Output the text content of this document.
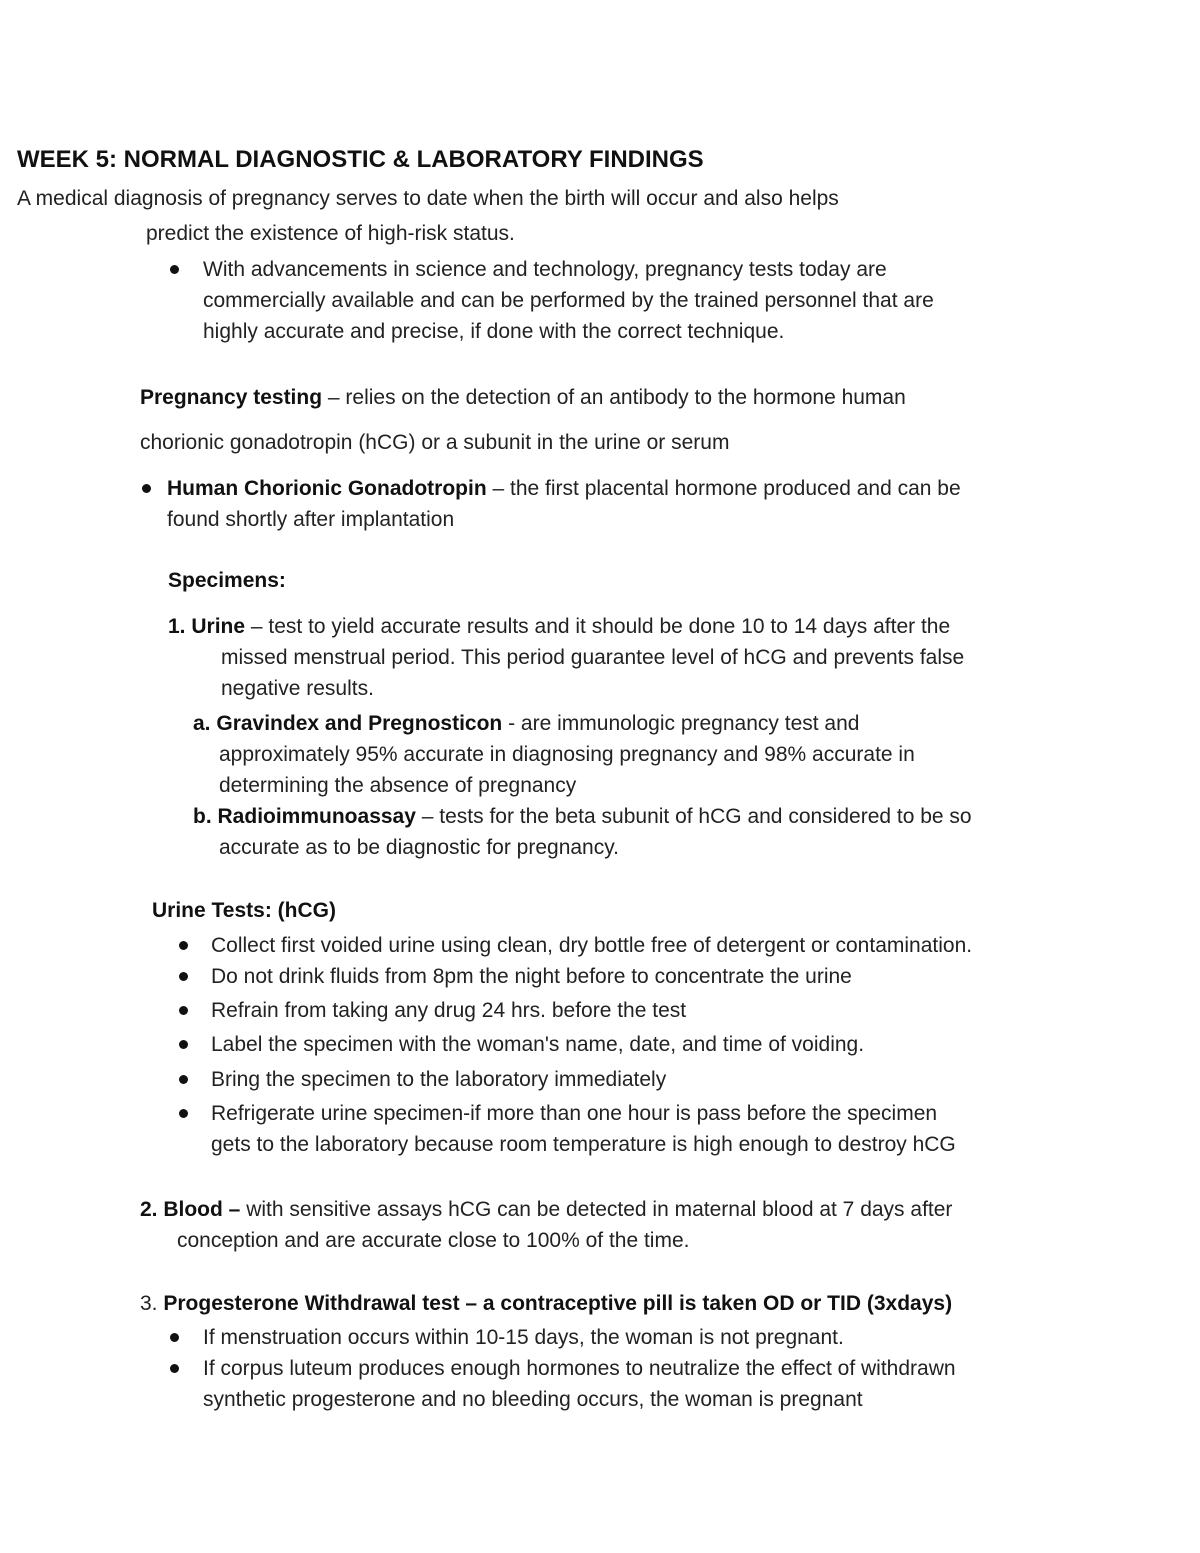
WEEK 5: NORMAL DIAGNOSTIC & LABORATORY FINDINGS
A medical diagnosis of pregnancy serves to date when the birth will occur and also helps
predict the existence of high-risk status.
With advancements in science and technology, pregnancy tests today are
commercially available and can be performed by the trained personnel that are
highly accurate and precise, if done with the correct technique.
Pregnancy testing – relies on the detection of an antibody to the hormone human
chorionic gonadotropin (hCG) or a subunit in the urine or serum
Human Chorionic Gonadotropin – the first placental hormone produced and can be
found shortly after implantation
Specimens:
1. Urine – test to yield accurate results and it should be done 10 to 14 days after the
missed menstrual period. This period guarantee level of hCG and prevents false
negative results.
a. Gravindex and Pregnosticon - are immunologic pregnancy test and
approximately 95% accurate in diagnosing pregnancy and 98% accurate in
determining the absence of pregnancy
b. Radioimmunoassay – tests for the beta subunit of hCG and considered to be so
accurate as to be diagnostic for pregnancy.
Urine Tests: (hCG)
Collect first voided urine using clean, dry bottle free of detergent or contamination.
Do not drink fluids from 8pm the night before to concentrate the urine
Refrain from taking any drug 24 hrs. before the test
Label the specimen with the woman's name, date, and time of voiding.
Bring the specimen to the laboratory immediately
Refrigerate urine specimen-if more than one hour is pass before the specimen
gets to the laboratory because room temperature is high enough to destroy hCG
2. Blood – with sensitive assays hCG can be detected in maternal blood at 7 days after
conception and are accurate close to 100% of the time.
3. Progesterone Withdrawal test – a contraceptive pill is taken OD or TID (3xdays)
If menstruation occurs within 10-15 days, the woman is not pregnant.
If corpus luteum produces enough hormones to neutralize the effect of withdrawn
synthetic progesterone and no bleeding occurs, the woman is pregnant
